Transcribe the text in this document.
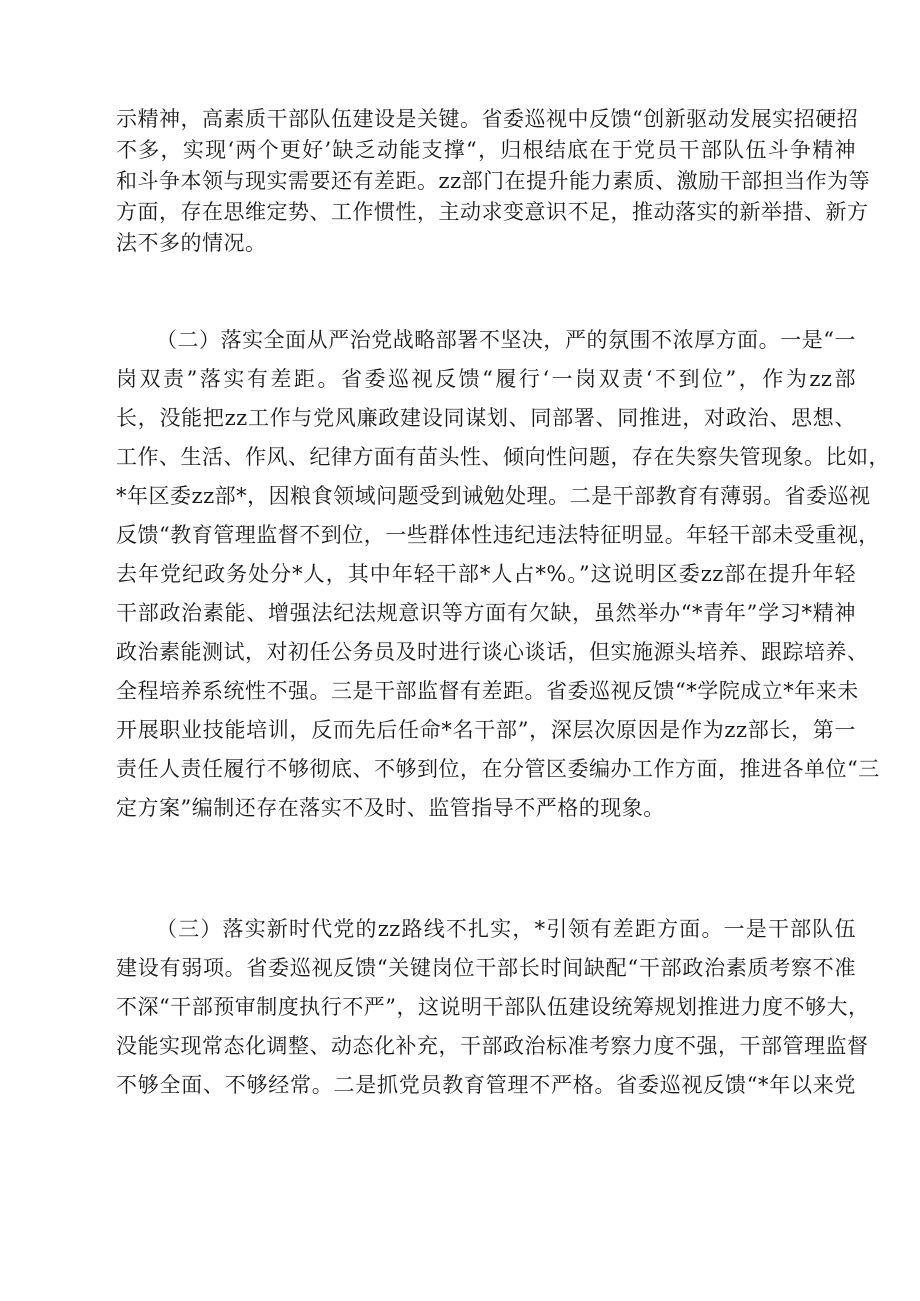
示精神，高素质干部队伍建设是关键。省委巡视中反馈“创新驱动发展实招硬招
不多，实现‘两个更好’缺乏动能支撑“，归根结底在于党员干部队伍斗争精神
和斗争本领与现实需要还有差距。zz部门在提升能力素质、激励干部担当作为等
方面，存在思维定势、工作惯性，主动求变意识不足，推动落实的新举措、新方
法不多的情况。
（二）落实全面从严治党战略部署不坚决，严的氛围不浓厚方面。一是“一
岗双责”落实有差距。省委巡视反馈“履行‘一岗双责‘不到位”，作为zz部
长，没能把zz工作与党风廉政建设同谋划、同部署、同推进，对政治、思想、
工作、生活、作风、纪律方面有苗头性、倾向性问题，存在失察失管现象。比如，
*年区委zz部*，因粮食领域问题受到诫勉处理。二是干部教育有薄弱。省委巡视
反馈“教育管理监督不到位，一些群体性违纪违法特征明显。年轻干部未受重视，
去年党纪政务处分*人，其中年轻干部*人占*%。”这说明区委zz部在提升年轻
干部政治素能、增强法纪法规意识等方面有欠缺，虽然举办“*青年”学习*精神
政治素能测试，对初任公务员及时进行谈心谈话，但实施源头培养、跟踪培养、
全程培养系统性不强。三是干部监督有差距。省委巡视反馈“*学院成立*年来未
开展职业技能培训，反而先后任命*名干部”，深层次原因是作为zz部长，第一
责任人责任履行不够彻底、不够到位，在分管区委编办工作方面，推进各单位“三
定方案”编制还存在落实不及时、监管指导不严格的现象。
（三）落实新时代党的zz路线不扎实，*引领有差距方面。一是干部队伍
建设有弱项。省委巡视反馈“关键岗位干部长时间缺配“干部政治素质考察不准
不深“干部预审制度执行不严”，这说明干部队伍建设统筹规划推进力度不够大，
没能实现常态化调整、动态化补充，干部政治标准考察力度不强，干部管理监督
不够全面、不够经常。二是抓党员教育管理不严格。省委巡视反馈“*年以来党
